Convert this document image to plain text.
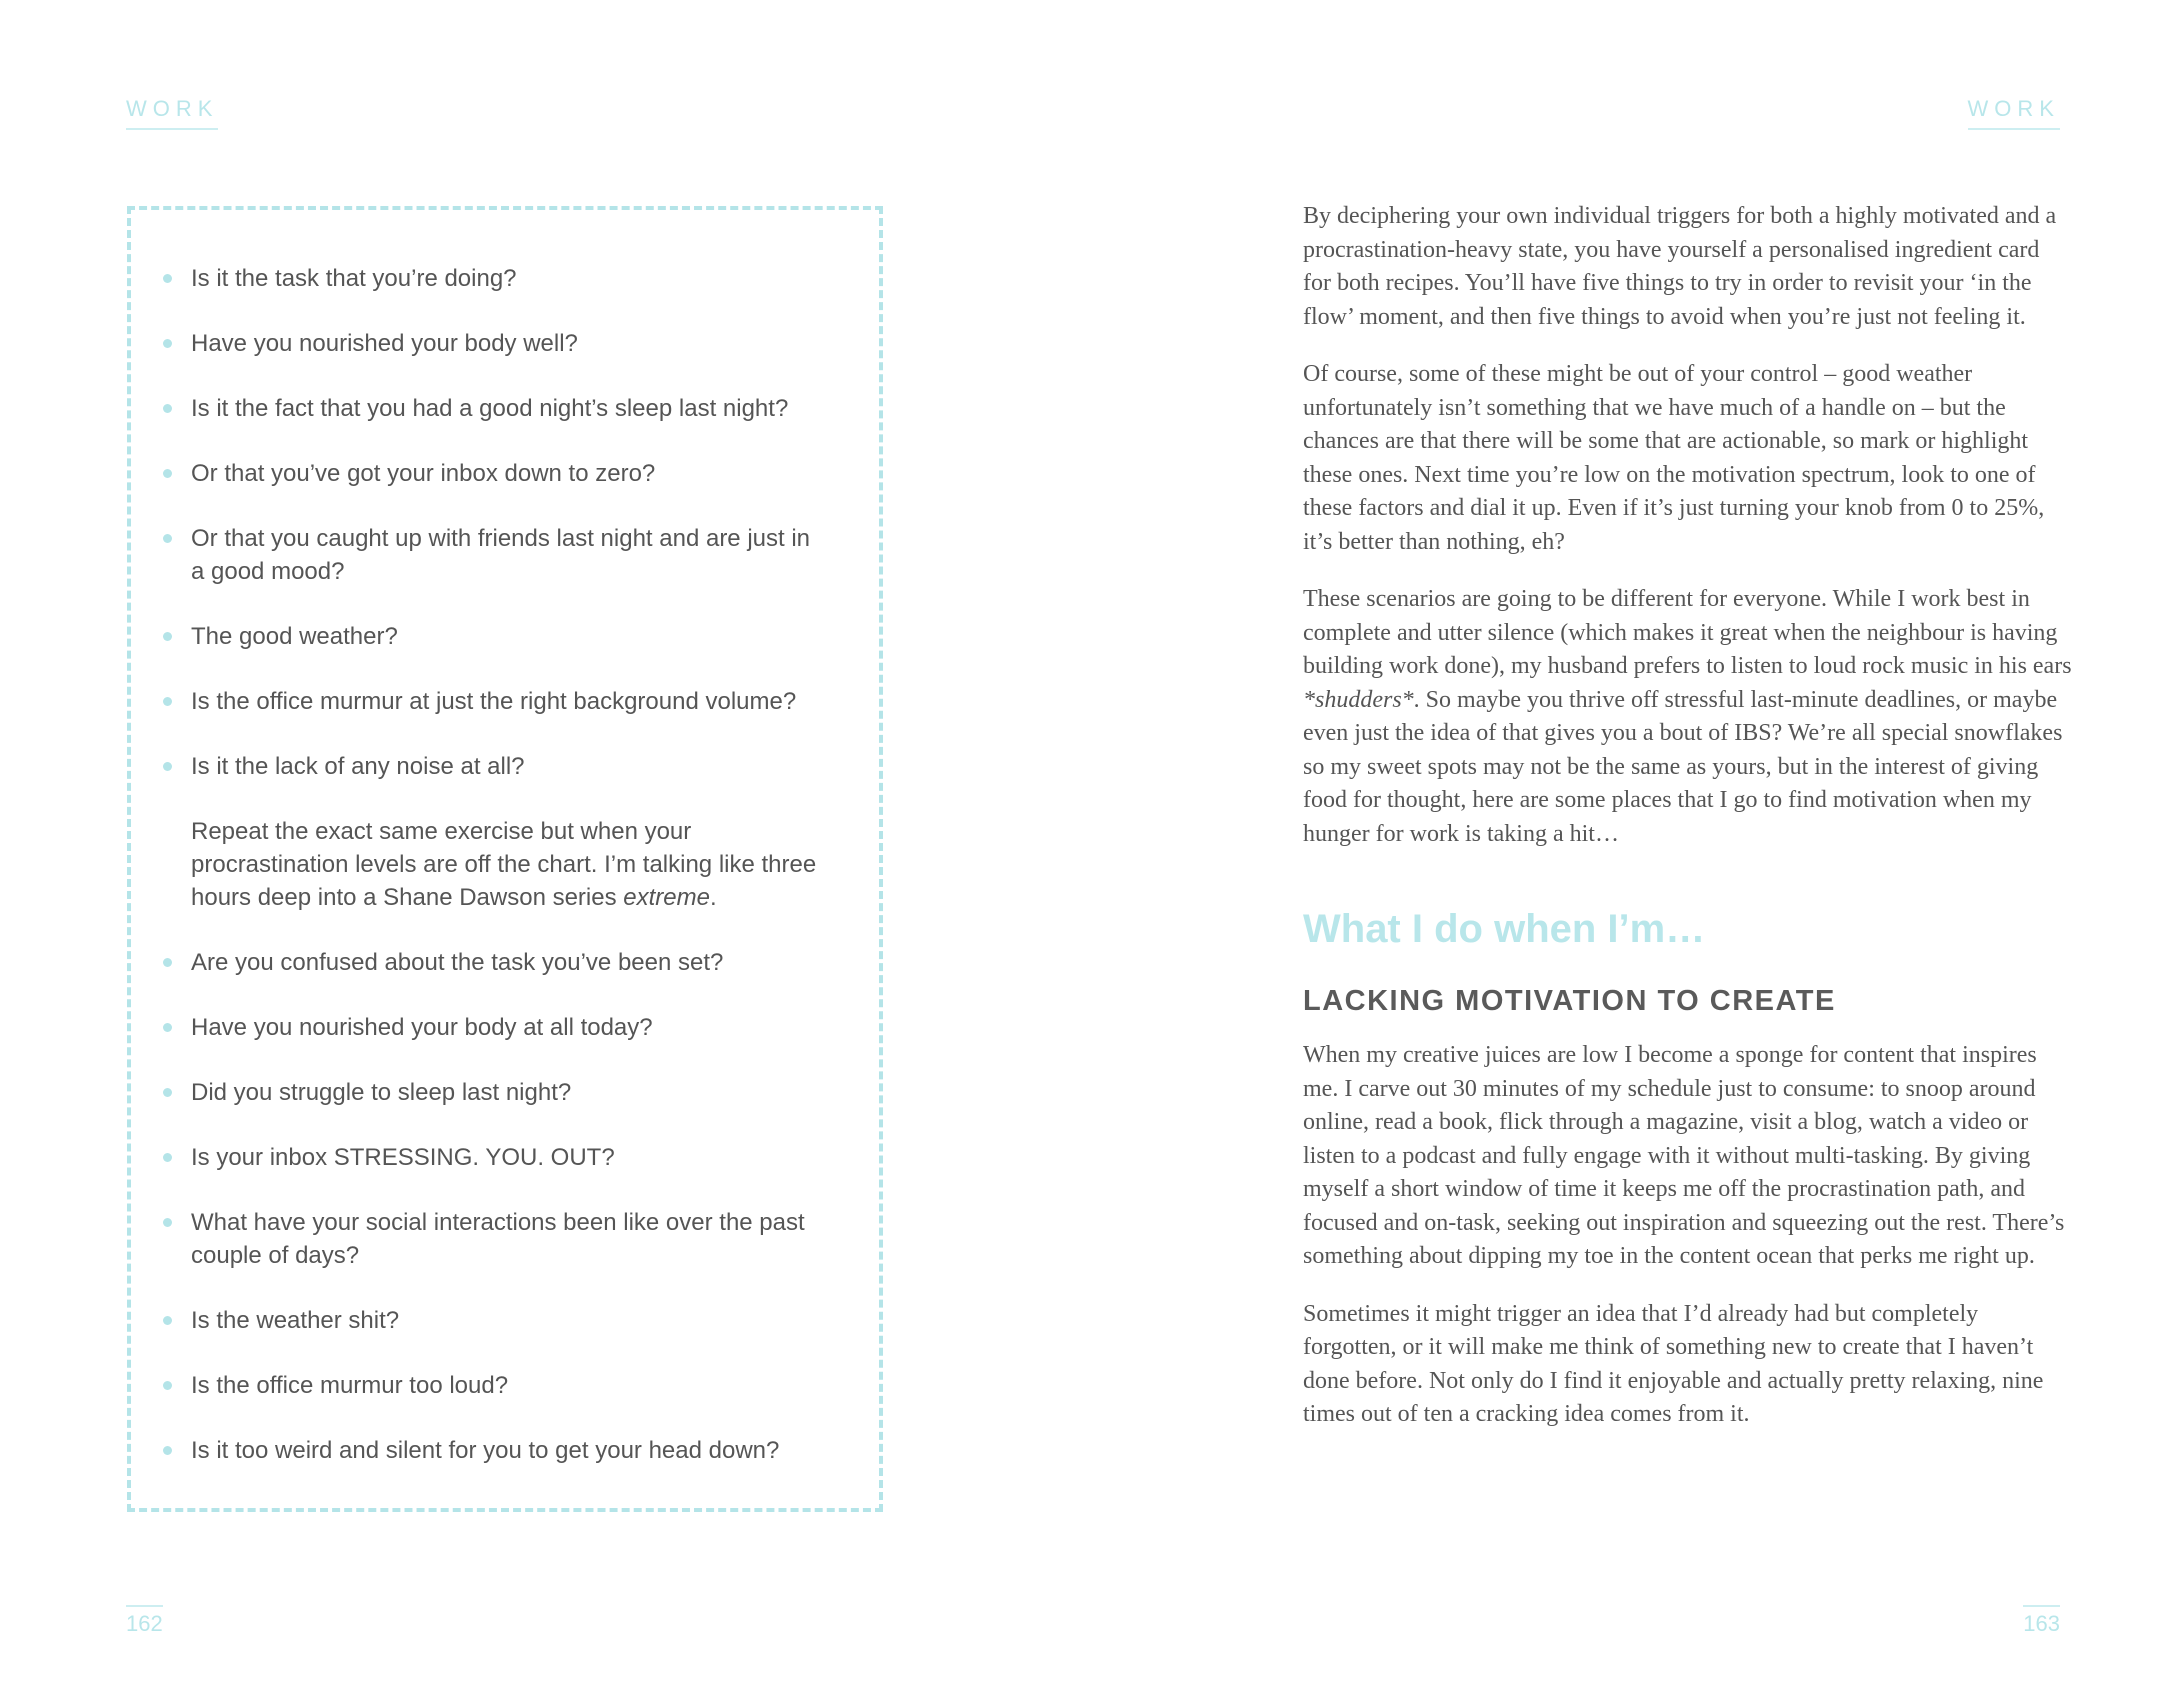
WORK
Is it the task that you’re doing?
Have you nourished your body well?
Is it the fact that you had a good night’s sleep last night?
Or that you’ve got your inbox down to zero?
Or that you caught up with friends last night and are just in a good mood?
The good weather?
Is the office murmur at just the right background volume?
Is it the lack of any noise at all?
Repeat the exact same exercise but when your procrastination levels are off the chart. I’m talking like three hours deep into a Shane Dawson series extreme.
Are you confused about the task you’ve been set?
Have you nourished your body at all today?
Did you struggle to sleep last night?
Is your inbox STRESSING. YOU. OUT?
What have your social interactions been like over the past couple of days?
Is the weather shit?
Is the office murmur too loud?
Is it too weird and silent for you to get your head down?
162
WORK

By deciphering your own individual triggers for both a highly motivated and a procrastination-heavy state, you have yourself a personalised ingredient card for both recipes. You’ll have five things to try in order to revisit your ‘in the flow’ moment, and then five things to avoid when you’re just not feeling it.

Of course, some of these might be out of your control – good weather unfortunately isn’t something that we have much of a handle on – but the chances are that there will be some that are actionable, so mark or highlight these ones. Next time you’re low on the motivation spectrum, look to one of these factors and dial it up. Even if it’s just turning your knob from 0 to 25%, it’s better than nothing, eh?

These scenarios are going to be different for everyone. While I work best in complete and utter silence (which makes it great when the neighbour is having building work done), my husband prefers to listen to loud rock music in his ears *shudders*. So maybe you thrive off stressful last-minute deadlines, or maybe even just the idea of that gives you a bout of IBS? We’re all special snowflakes so my sweet spots may not be the same as yours, but in the interest of giving food for thought, here are some places that I go to find motivation when my hunger for work is taking a hit…

What I do when I’m…
LACKING MOTIVATION TO CREATE

When my creative juices are low I become a sponge for content that inspires me. I carve out 30 minutes of my schedule just to consume: to snoop around online, read a book, flick through a magazine, visit a blog, watch a video or listen to a podcast and fully engage with it without multi-tasking. By giving myself a short window of time it keeps me off the procrastination path, and focused and on-task, seeking out inspiration and squeezing out the rest. There’s something about dipping my toe in the content ocean that perks me right up.

Sometimes it might trigger an idea that I’d already had but completely forgotten, or it will make me think of something new to create that I haven’t done before. Not only do I find it enjoyable and actually pretty relaxing, nine times out of ten a cracking idea comes from it.

163
